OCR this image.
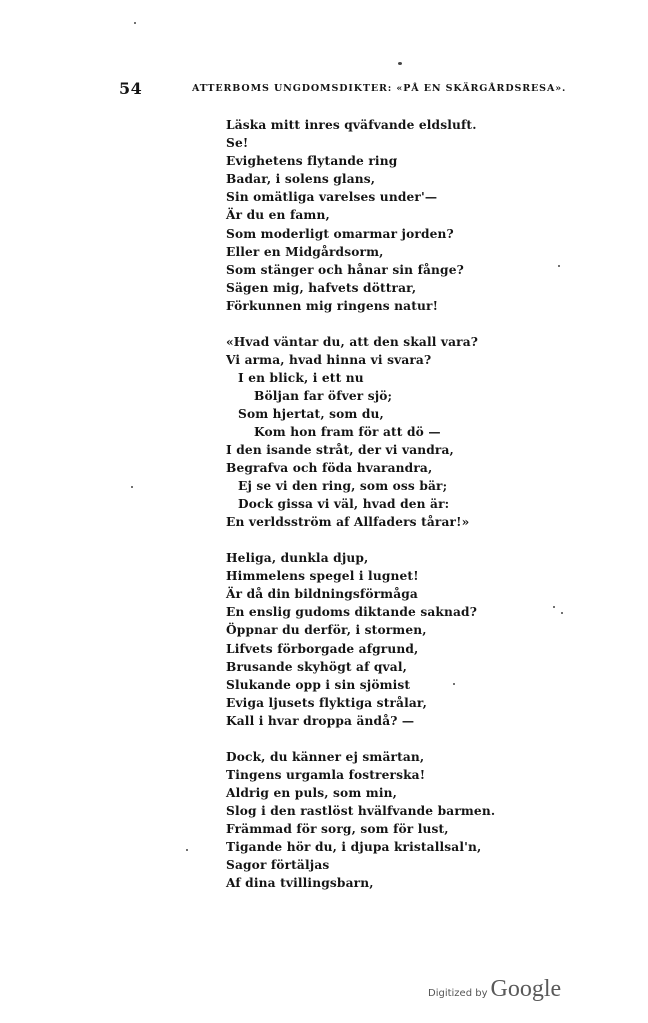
54	ATTERBOMS UNGDOMSDIKTER: «PÅ EN SKÄRGÅRDSRESA».
Läska mitt inres qväfvande eldsluft.
Se!
Evighetens flytande ring
Badar, i solens glans,
Sin omätliga varelses under'—
Är du en famn,
Som moderligt omarmar jorden?
Eller en Midgårdsorm,
Som stänger och hånar sin fånge?
Sägen mig, hafvets döttrar,
Förkunnen mig ringens natur!
«Hvad väntar du, att den skall vara?
Vi arma, hvad hinna vi svara?
I en blick, i ett nu
Böljan far öfver sjö;
Som hjertat, som du,
Kom hon fram för att dö —
I den isande stråt, der vi vandra,
Begrafva och föda hvarandra,
Ej se vi den ring, som oss bär;
Dock gissa vi väl, hvad den är:
En verldsström af Allfaders tårar!»
Heliga, dunkla djup,
Himmelens spegel i lugnet!
Är då din bildningsförmåga
En enslig gudoms diktande saknad?
Öppnar du derför, i stormen,
Lifvets förborgade afgrund,
Brusande skyhögt af qval,
Slukande opp i sin sjömist
Eviga ljusets flyktiga strålar,
Kall i hvar droppa ändå? —
Dock, du känner ej smärtan,
Tingens urgamla fostrerska!
Aldrig en puls, som min,
Slog i den rastlöst hvälfvande barmen.
Främmad för sorg, som för lust,
Tigande hör du, i djupa kristallsal'n,
Sagor förtäljas
Af dina tvillingsbarn,
Digitized by Google
